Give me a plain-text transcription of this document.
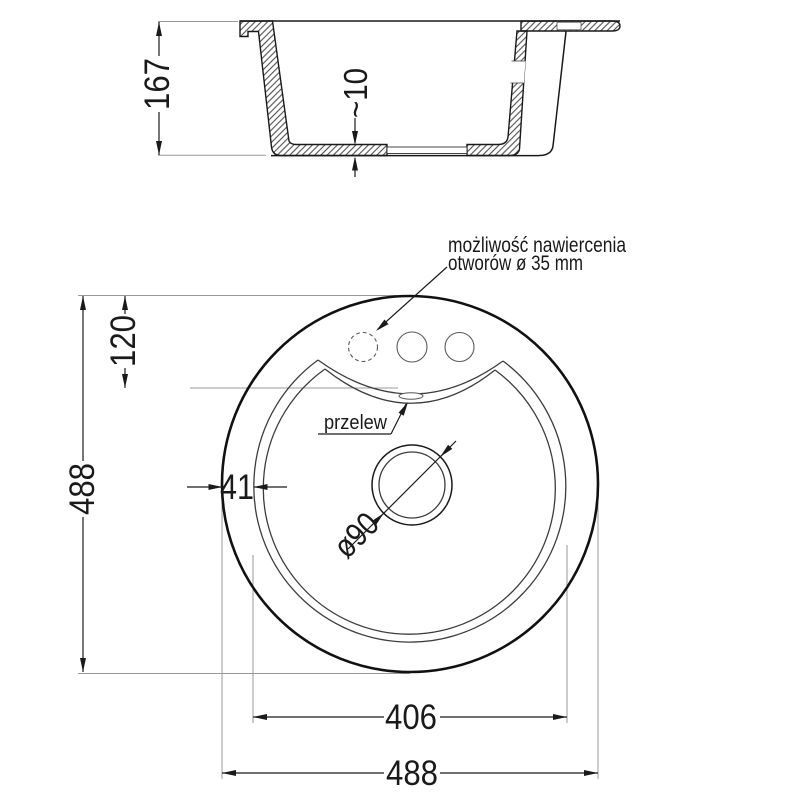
167	~10
ø90
możliwość nawiercenia
otworów ø 35 mm
przelew
120
488	41
406
488
